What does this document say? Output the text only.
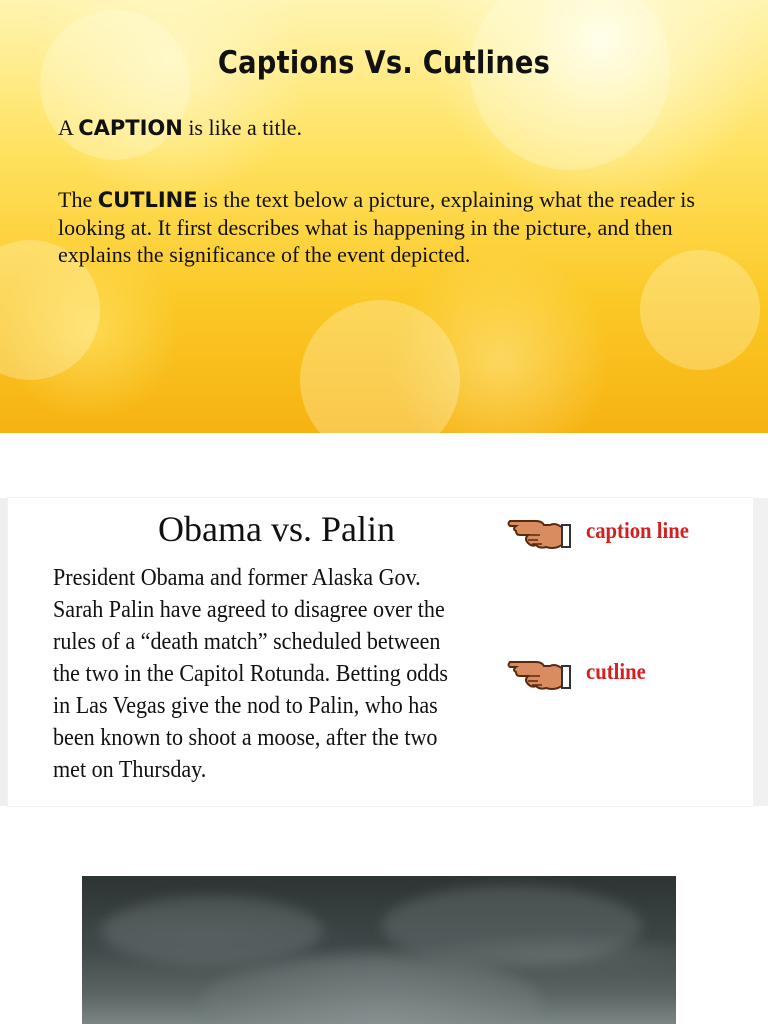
Captions Vs. Cutlines
A CAPTION is like a title.
The CUTLINE is the text below a picture, explaining what the reader is looking at. It first describes what is happening in the picture, and then explains the significance of the event depicted.
Obama vs. Palin
President Obama and former Alaska Gov. Sarah Palin have agreed to disagree over the rules of a “death match” scheduled between the two in the Capitol Rotunda. Betting odds in Las Vegas give the nod to Palin, who has been known to shoot a moose, after the two met on Thursday.
caption line
cutline
